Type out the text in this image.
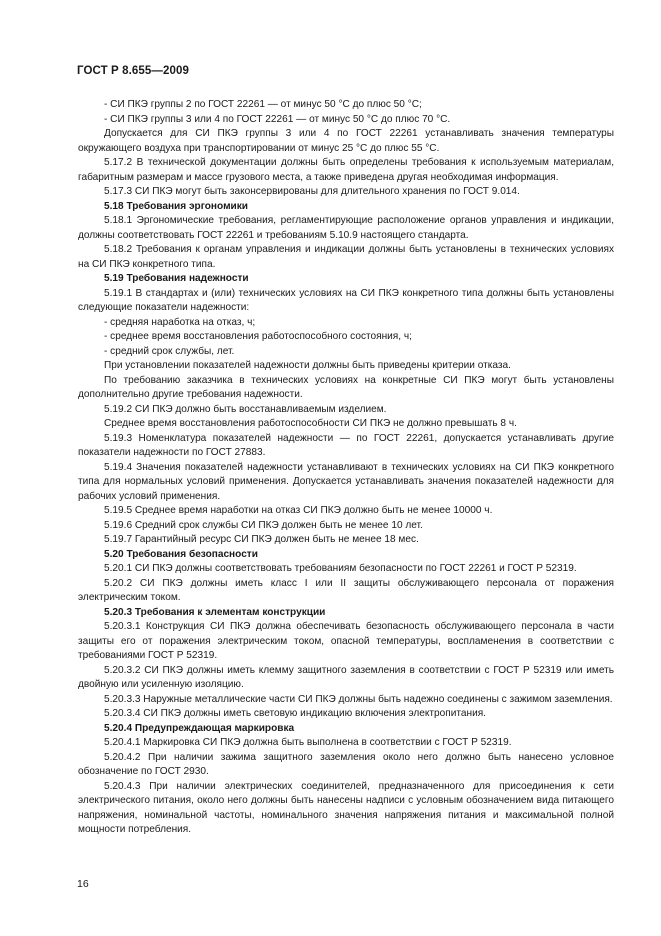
ГОСТ Р 8.655—2009

- СИ ПКЭ группы 2 по ГОСТ 22261 — от минус 50 °С до плюс 50 °С;

- СИ ПКЭ группы 3 или 4 по ГОСТ 22261 — от минус 50 °С до плюс 70 °С.

Допускается для СИ ПКЭ группы 3 или 4 по ГОСТ 22261 устанавливать значения температуры окружающего воздуха при транспортировании от минус 25 °С до плюс 55 °С.

5.17.2 В технической документации должны быть определены требования к используемым материалам, габаритным размерам и массе грузового места, а также приведена другая необходимая информация.

5.17.3 СИ ПКЭ могут быть законсервированы для длительного хранения по ГОСТ 9.014.

5.18 Требования эргономики

5.18.1 Эргономические требования, регламентирующие расположение органов управления и индикации, должны соответствовать ГОСТ 22261 и требованиям 5.10.9 настоящего стандарта.

5.18.2 Требования к органам управления и индикации должны быть установлены в технических условиях на СИ ПКЭ конкретного типа.

5.19 Требования надежности

5.19.1 В стандартах и (или) технических условиях на СИ ПКЭ конкретного типа должны быть установлены следующие показатели надежности:

- средняя наработка на отказ, ч;

- среднее время восстановления работоспособного состояния, ч;

- средний срок службы, лет.

При установлении показателей надежности должны быть приведены критерии отказа.

По требованию заказчика в технических условиях на конкретные СИ ПКЭ могут быть установлены дополнительно другие требования надежности.

5.19.2 СИ ПКЭ должно быть восстанавливаемым изделием.

Среднее время восстановления работоспособности СИ ПКЭ не должно превышать 8 ч.

5.19.3 Номенклатура показателей надежности — по ГОСТ 22261, допускается устанавливать другие показатели надежности по ГОСТ 27883.

5.19.4 Значения показателей надежности устанавливают в технических условиях на СИ ПКЭ конкретного типа для нормальных условий применения. Допускается устанавливать значения показателей надежности для рабочих условий применения.

5.19.5 Среднее время наработки на отказ СИ ПКЭ должно быть не менее 10000 ч.

5.19.6 Средний срок службы СИ ПКЭ должен быть не менее 10 лет.

5.19.7 Гарантийный ресурс СИ ПКЭ должен быть не менее 18 мес.

5.20 Требования безопасности

5.20.1 СИ ПКЭ должны соответствовать требованиям безопасности по ГОСТ 22261 и ГОСТ Р 52319.

5.20.2 СИ ПКЭ должны иметь класс I или II защиты обслуживающего персонала от поражения электрическим током.

5.20.3 Требования к элементам конструкции

5.20.3.1 Конструкция СИ ПКЭ должна обеспечивать безопасность обслуживающего персонала в части защиты его от поражения электрическим током, опасной температуры, воспламенения в соответствии с требованиями ГОСТ Р 52319.

5.20.3.2 СИ ПКЭ должны иметь клемму защитного заземления в соответствии с ГОСТ Р 52319 или иметь двойную или усиленную изоляцию.

5.20.3.3 Наружные металлические части СИ ПКЭ должны быть надежно соединены с зажимом заземления.

5.20.3.4 СИ ПКЭ должны иметь световую индикацию включения электропитания.

5.20.4 Предупреждающая маркировка

5.20.4.1 Маркировка СИ ПКЭ должна быть выполнена в соответствии с ГОСТ Р 52319.

5.20.4.2 При наличии зажима защитного заземления около него должно быть нанесено условное обозначение по ГОСТ 2930.

5.20.4.3 При наличии электрических соединителей, предназначенного для присоединения к сети электрического питания, около него должны быть нанесены надписи с условным обозначением вида питающего напряжения, номинальной частоты, номинального значения напряжения питания и максимальной полной мощности потребления.

16
